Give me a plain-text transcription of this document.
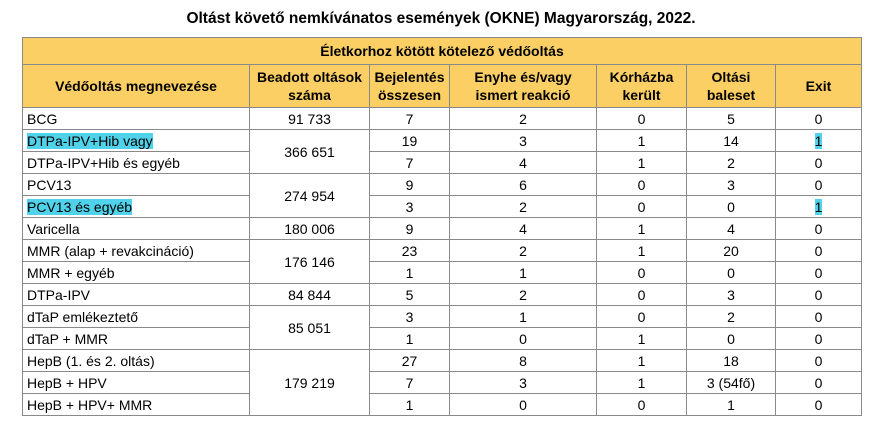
Oltást követő nemkívánatos események (OKNE) Magyarország, 2022.
Életkorhoz kötött kötelező védőoltás						
Védőoltás megnevezése	Beadott oltások száma	Bejelentés összesen	Enyhe és/vagy ismert reakció	Kórházba került	Oltási baleset	Exit
BCG	91 733	7	2	0	5	0
DTPa-IPV+Hib vagy	366 651	19	3	1	14	1
DTPa-IPV+Hib és egyéb		7	4	1	2	0
PCV13	274 954	9	6	0	3	0
PCV13 és egyéb		3	2	0	0	1
Varicella	180 006	9	4	1	4	0
MMR (alap + revakcináció)	176 146	23	2	1	20	0
MMR + egyéb		1	1	0	0	0
DTPa-IPV	84 844	5	2	0	3	0
dTaP emlékeztető	85 051	3	1	0	2	0
dTaP + MMR		1	0	1	0	0
HepB (1. és 2. oltás)	179 219	27	8	1	18	0
HepB + HPV		7	3	1	3 (54fő)	0
HepB + HPV+ MMR		1	0	0	1	0
